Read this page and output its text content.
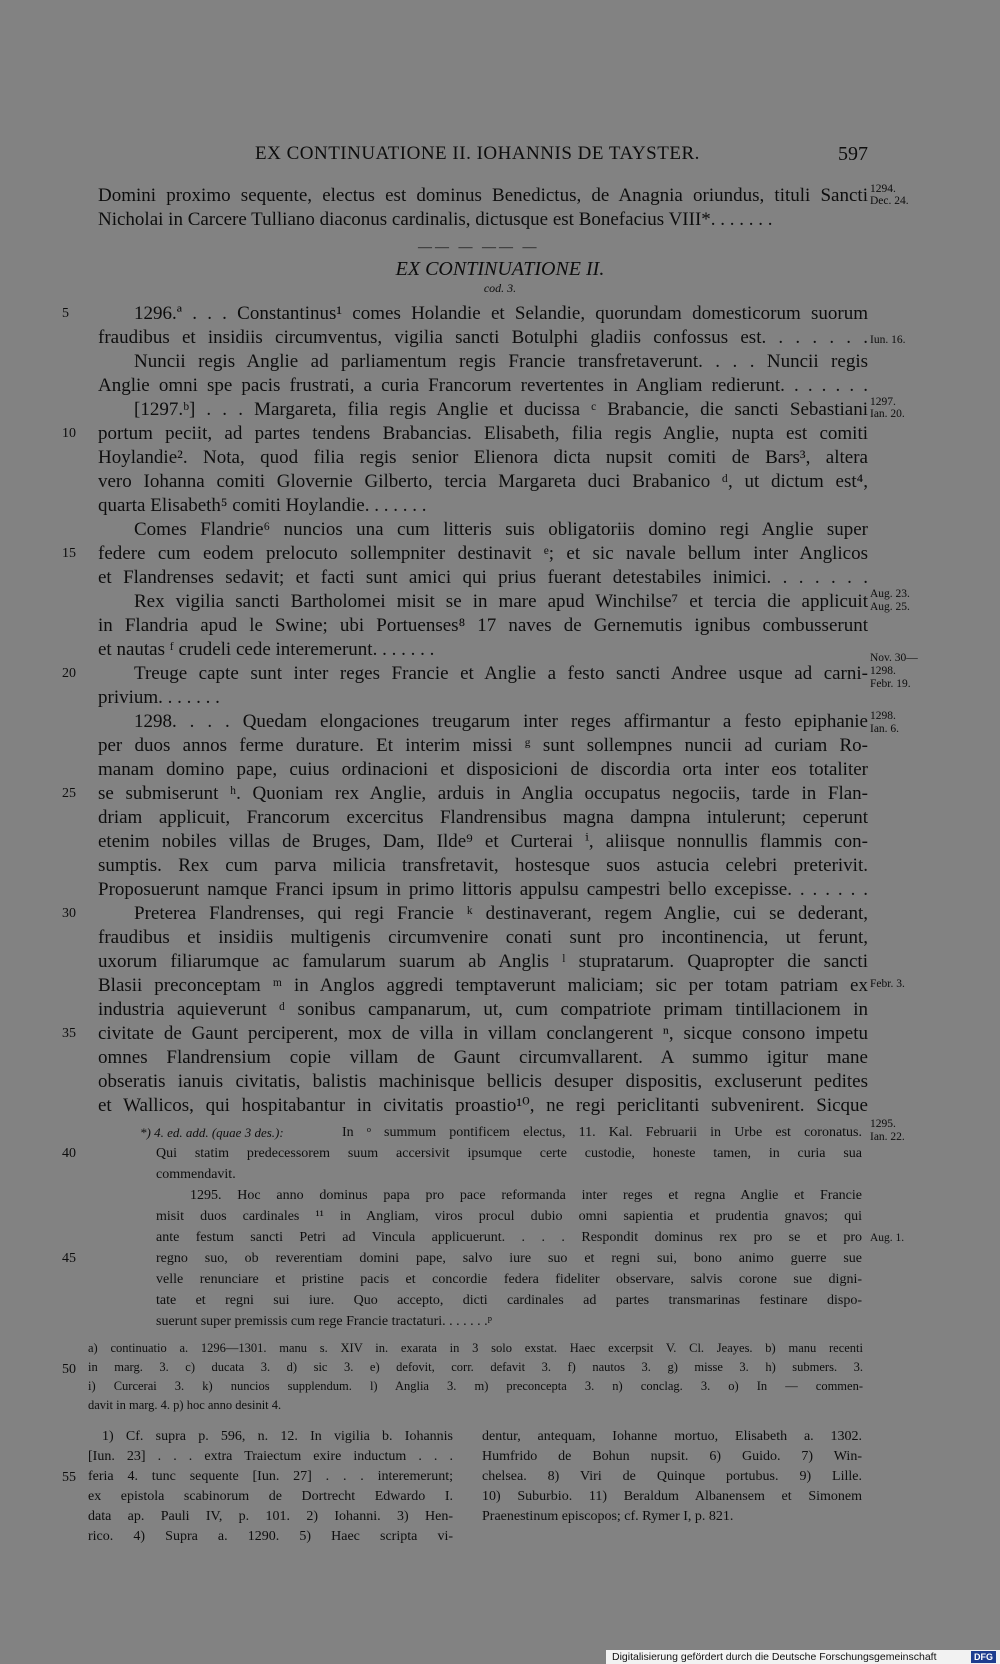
EX CONTINUATIONE II. IOHANNIS DE TAYSTER.	597
Domini proximo sequente, electus est dominus Benedictus, de Anagnia oriundus, tituli Sancti
Nicholai in Carcere Tulliano diaconus cardinalis, dictusque est Bonefacius VIII*. . . . . . .
—— — —— —
EX CONTINUATIONE II.
cod. 3.
1296.ª . . . Constantinus¹ comes Holandie et Selandie, quorundam domesticorum suorum
fraudibus et insidiis circumventus, vigilia sancti Botulphi gladiis confossus est. . . . . . .
Nuncii regis Anglie ad parliamentum regis Francie transfretaverunt. . . . Nuncii regis
Anglie omni spe pacis frustrati, a curia Francorum revertentes in Angliam redierunt. . . . . . .
[1297.ᵇ] . . . Margareta, filia regis Anglie et ducissa ᶜ Brabancie, die sancti Sebastiani
portum peciit, ad partes tendens Brabancias. Elisabeth, filia regis Anglie, nupta est comiti
Hoylandie². Nota, quod filia regis senior Elienora dicta nupsit comiti de Bars³, altera
vero Iohanna comiti Glovernie Gilberto, tercia Margareta duci Brabanico ᵈ, ut dictum est⁴,
quarta Elisabeth⁵ comiti Hoylandie. . . . . . .
Comes Flandrie⁶ nuncios una cum litteris suis obligatoriis domino regi Anglie super
federe cum eodem prelocuto sollempniter destinavit ᵉ; et sic navale bellum inter Anglicos
et Flandrenses sedavit; et facti sunt amici qui prius fuerant detestabiles inimici. . . . . . .
Rex vigilia sancti Bartholomei misit se in mare apud Winchilse⁷ et tercia die applicuit
in Flandria apud le Swine; ubi Portuenses⁸ 17 naves de Gernemutis ignibus combusserunt
et nautas ᶠ crudeli cede interemerunt. . . . . . .
Treuge capte sunt inter reges Francie et Anglie a festo sancti Andree usque ad carni-
privium. . . . . . .
1298. . . . Quedam elongaciones treugarum inter reges affirmantur a festo epiphanie
per duos annos ferme durature. Et interim missi ᵍ sunt sollempnes nuncii ad curiam Ro-
manam domino pape, cuius ordinacioni et disposicioni de discordia orta inter eos totaliter
se submiserunt ʰ. Quoniam rex Anglie, arduis in Anglia occupatus negociis, tarde in Flan-
driam applicuit, Francorum excercitus Flandrensibus magna dampna intulerunt; ceperunt
etenim nobiles villas de Bruges, Dam, Ilde⁹ et Curterai ⁱ, aliisque nonnullis flammis con-
sumptis. Rex cum parva milicia transfretavit, hostesque suos astucia celebri preterivit.
Proposuerunt namque Franci ipsum in primo littoris appulsu campestri bello excepisse. . . . . . .
Preterea Flandrenses, qui regi Francie ᵏ destinaverant, regem Anglie, cui se dederant,
fraudibus et insidiis multigenis circumvenire conati sunt pro incontinencia, ut ferunt,
uxorum filiarumque ac famularum suarum ab Anglis ˡ stupratarum. Quapropter die sancti
Blasii preconceptam ᵐ in Anglos aggredi temptaverunt maliciam; sic per totam patriam ex
industria aquieverunt ᵈ sonibus campanarum, ut, cum compatriote primam tintillacionem in
civitate de Gaunt perciperent, mox de villa in villam conclangerent ⁿ, sicque consono impetu
omnes Flandrensium copie villam de Gaunt circumvallarent. A summo igitur mane
obseratis ianuis civitatis, balistis machinisque bellicis desuper dispositis, excluserunt pedites
et Wallicos, qui hospitabantur in civitatis proastio¹⁰, ne regi periclitanti subvenirent. Sicque
5
10
15
20
25
30
35
40
45
50
55
1294.
Dec. 24.
Iun. 16.
1297.
Ian. 20.
Aug. 23.
Aug. 25.
Nov. 30—
1298.
Febr. 19.
1298.
Ian. 6.
Febr. 3.
1295.
Ian. 22.
Aug. 1.
*) 4. ed. add. (quae 3 des.):	In ᵒ summum pontificem electus, 11. Kal. Februarii in Urbe est coronatus.
Qui statim predecessorem suum accersivit ipsumque certe custodie, honeste tamen, in curia sua
commendavit.
1295. Hoc anno dominus papa pro pace reformanda inter reges et regna Anglie et Francie
misit duos cardinales ¹¹ in Angliam, viros procul dubio omni sapientia et prudentia gnavos; qui
ante festum sancti Petri ad Vincula applicuerunt. . . . Respondit dominus rex pro se et pro
regno suo, ob reverentiam domini pape, salvo iure suo et regni sui, bono animo guerre sue
velle renunciare et pristine pacis et concordie federa fideliter observare, salvis corone sue digni-
tate et regni sui iure. Quo accepto, dicti cardinales ad partes transmarinas festinare dispo-
suerunt super premissis cum rege Francie tractaturi. . . . . . .ᵖ
a) continuatio a. 1296—1301. manu s. XIV in. exarata in 3 solo exstat. Haec excerpsit V. Cl. Jeayes. b) manu recenti
in marg. 3. c) ducata 3. d) sic 3. e) defovit, corr. defavit 3. f) nautos 3. g) misse 3. h) submers. 3.
i) Curcerai 3. k) nuncios supplendum. l) Anglia 3. m) preconcepta 3. n) conclag. 3. o) In — commen-
davit in marg. 4. p) hoc anno desinit 4.
1) Cf. supra p. 596, n. 12. In vigilia b. Iohannis
[Iun. 23] . . . extra Traiectum exire inductum . . .
feria 4. tunc sequente [Iun. 27] . . . interemerunt;
ex epistola scabinorum de Dortrecht Edwardo I.
data ap. Pauli IV, p. 101. 2) Iohanni. 3) Hen-
rico. 4) Supra a. 1290. 5) Haec scripta vi-
dentur, antequam, Iohanne mortuo, Elisabeth a. 1302.
Humfrido de Bohun nupsit. 6) Guido. 7) Win-
chelsea. 8) Viri de Quinque portubus. 9) Lille.
10) Suburbio. 11) Beraldum Albanensem et Simonem
Praenestinum episcopos; cf. Rymer I, p. 821.
Digitalisierung gefördert durch die Deutsche Forschungsgemeinschaft	DFG
